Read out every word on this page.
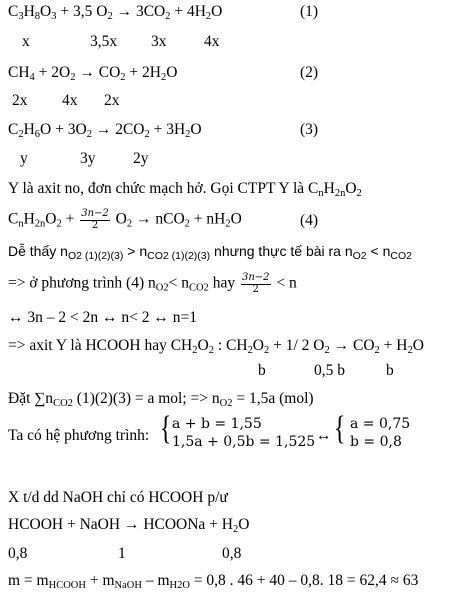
$C_3H_8O_3 + 3,5$ $O_2 \to 3CO_2 + 4H_2O$	(1)
x	3,5x 3x 4x
$CH_4 + 2O_2 \to CO_2 + 2H_2O$	(2)
2x 4x 2x
$C_2H_6O + 3O_2 \to 2CO_2 + 3H_2O$	(3)
y	3y 2y
Y là axit no, đơn chức mạch hở. Gọi CTPT Y là $C_nH_{2n}O_2$
$C_nH_{2n}O_2 + \frac{3n-2}{2} O_2 \to nCO_2 + nH_2O$	(4)
Dễ thấy $n_{O2 (1)(2)(3)} > n_{CO2 (1)(2)(3)}$ nhưng thực tế bài ra $n_{O2} < n_{CO2}$
=> ở phương trình (4) $n_{O2}< n_{CO2}$ hay $\frac{3n-2}{2} < n$
↔ 3n – 2 < 2n ↔ n< 2 ↔ n=1
=> axit Y là HCOOH hay $CH_2O_2$ : $CH_2O_2 + 1/$ 2 $O_2 \to CO_2 + H_2O$
b	0,5 b	b
Đặt $\sum n_{CO2}$ (1)(2)(3) = a mol; => $n_{O2} = 1,5a$ (mol)
Ta có hệ phương trình: { a + b = 1,55
1,5a + 0,5b = 1,525 ↔ { a = 0,75
b = 0,8
X t/d dd NaOH chỉ có HCOOH p/ư
HCOOH + NaOH → HCOONa + $H_2O$
0,8	1	0,8
$m = m_{HCOOH} + m_{NaOH} - m_{H2O} = 0,8$ . 46 + 40 – 0,8. 18 = 62,4 ≈ 63
